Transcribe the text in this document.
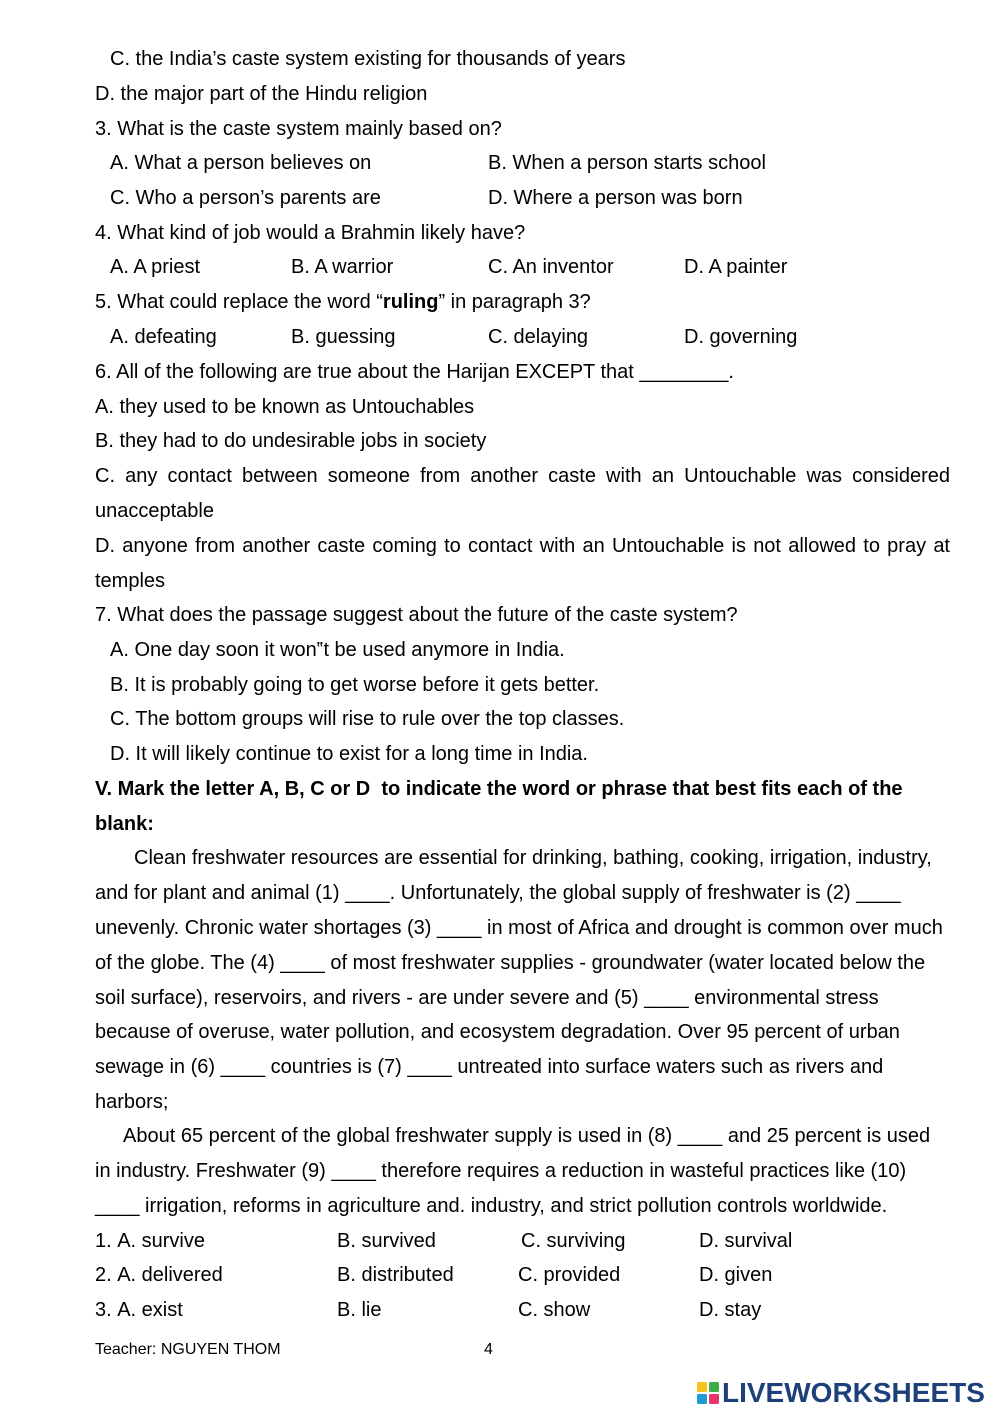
C. the India’s caste system existing for thousands of years
D. the major part of the Hindu religion
3. What is the caste system mainly based on?
A. What a person believes on	B. When a person starts school
C. Who a person’s parents are	D. Where a person was born
4. What kind of job would a Brahmin likely have?
A. A priest	B. A warrior	C. An inventor	D. A painter
5. What could replace the word “ruling” in paragraph 3?
A. defeating	B. guessing	C. delaying	D. governing
6. All of the following are true about the Harijan EXCEPT that ________.
A. they used to be known as Untouchables
B. they had to do undesirable jobs in society
C. any contact between someone from another caste with an Untouchable was considered
unacceptable
D. anyone from another caste coming to contact with an Untouchable is not allowed to pray at
temples
7. What does the passage suggest about the future of the caste system?
A. One day soon it won‟t be used anymore in India.
B. It is probably going to get worse before it gets better.
C. The bottom groups will rise to rule over the top classes.
D. It will likely continue to exist for a long time in India.
V. Mark the letter A, B, C or D  to indicate the word or phrase that best fits each of the
blank:
Clean freshwater resources are essential for drinking, bathing, cooking, irrigation, industry,
and for plant and animal (1) ____. Unfortunately, the global supply of freshwater is (2) ____
unevenly. Chronic water shortages (3) ____ in most of Africa and drought is common over much
of the globe. The (4) ____ of most freshwater supplies - groundwater (water located below the
soil surface), reservoirs, and rivers - are under severe and (5) ____ environmental stress
because of overuse, water pollution, and ecosystem degradation. Over 95 percent of urban
sewage in (6) ____ countries is (7) ____ untreated into surface waters such as rivers and
harbors;
About 65 percent of the global freshwater supply is used in (8) ____ and 25 percent is used
in industry. Freshwater (9) ____ therefore requires a reduction in wasteful practices like (10)
____ irrigation, reforms in agriculture and. industry, and strict pollution controls worldwide.
1. A. survive	B. survived	C. surviving	D. survival
2. A. delivered	B. distributed	C. provided	D. given
3. A. exist	B. lie	C. show	D. stay
Teacher: NGUYEN THOM	4
LIVEWORKSHEETS
